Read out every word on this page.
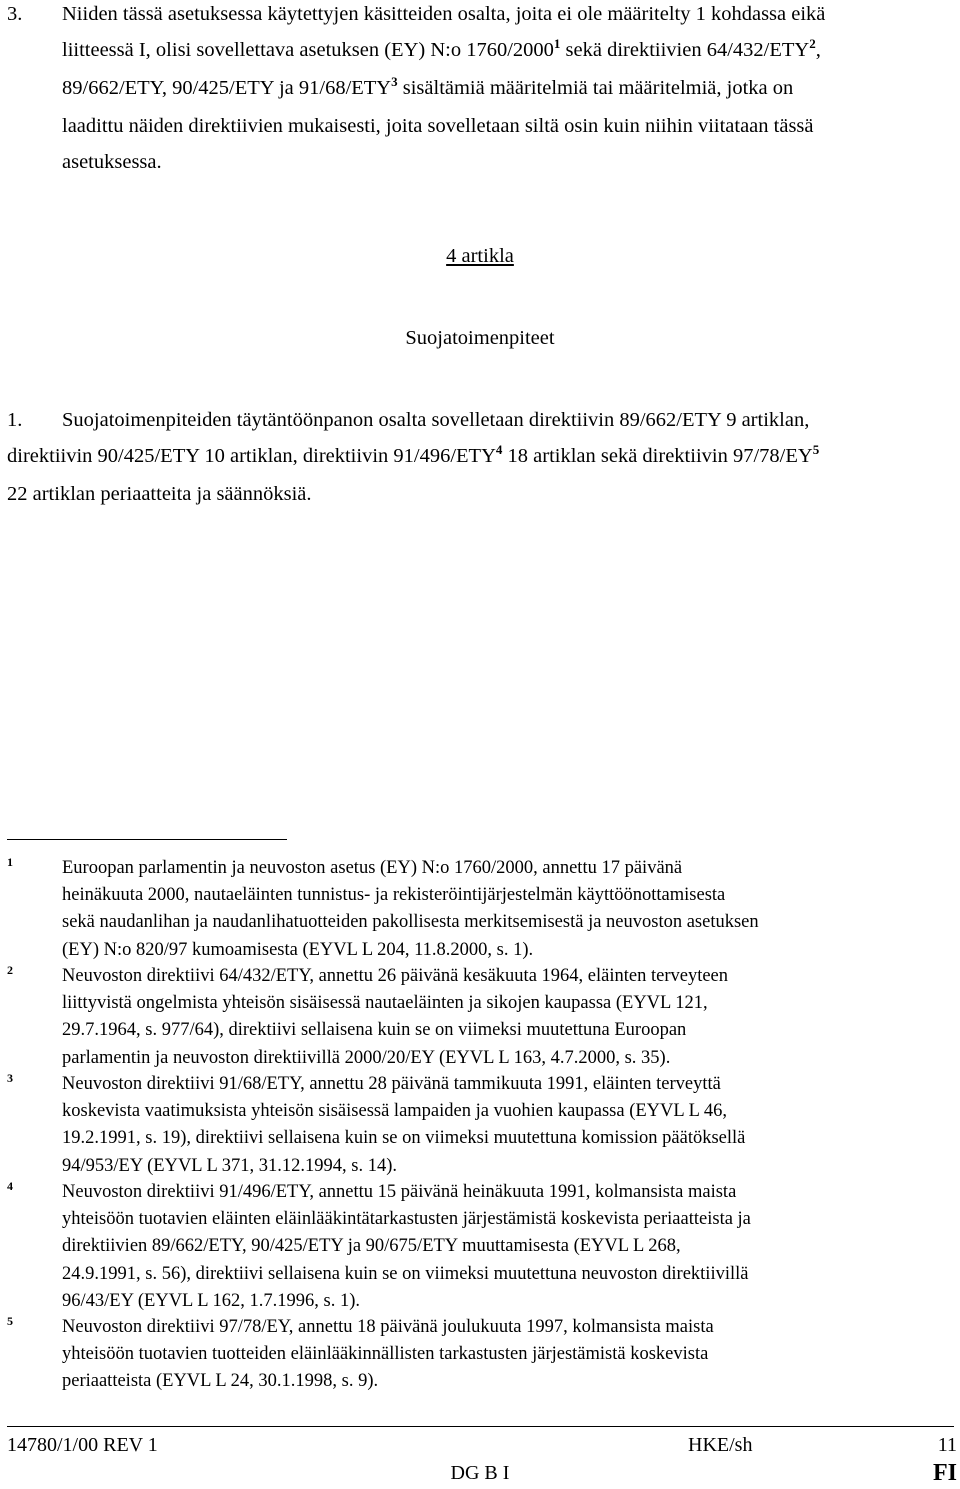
3. Niiden tässä asetuksessa käytettyjen käsitteiden osalta, joita ei ole määritelty 1 kohdassa eikä
liitteessä I, olisi sovellettava asetuksen (EY) N:o 1760/2000$^1$ sekä direktiivien 64/432/ETY$^2$,
89/662/ETY, 90/425/ETY ja 91/68/ETY$^3$ sisältämiä määritelmiä tai määritelmiä, jotka on
laadittu näiden direktiivien mukaisesti, joita sovelletaan siltä osin kuin niihin viitataan tässä
asetuksessa.
4 artikla
Suojatoimenpiteet
1. Suojatoimenpiteiden täytäntöönpanon osalta sovelletaan direktiivin 89/662/ETY 9 artiklan,
direktiivin 90/425/ETY 10 artiklan, direktiivin 91/496/ETY$^4$ 18 artiklan sekä direktiivin $97/78/EY^5$
22 artiklan periaatteita ja säännöksiä.
1	Euroopan parlamentin ja neuvoston asetus (EY) N:o 1760/2000, annettu 17 päivänä
heinäkuuta 2000, nautaeläinten tunnistus- ja rekisteröintijärjestelmän käyttöönottamisesta
sekä naudanlihan ja naudanlihatuotteiden pakollisesta merkitsemisestä ja neuvoston asetuksen
(EY) N:o 820/97 kumoamisesta (EYVL L 204, 11.8.2000, s. 1).
2	Neuvoston direktiivi 64/432/ETY, annettu 26 päivänä kesäkuuta 1964, eläinten terveyteen
liittyvistä ongelmista yhteisön sisäisessä nautaeläinten ja sikojen kaupassa (EYVL 121,
29.7.1964, s. 977/64), direktiivi sellaisena kuin se on viimeksi muutettuna Euroopan
parlamentin ja neuvoston direktiivillä 2000/20/EY (EYVL L 163, 4.7.2000, s. 35).
3	Neuvoston direktiivi 91/68/ETY, annettu 28 päivänä tammikuuta 1991, eläinten terveyttä
koskevista vaatimuksista yhteisön sisäisessä lampaiden ja vuohien kaupassa (EYVL L 46,
19.2.1991, s. 19), direktiivi sellaisena kuin se on viimeksi muutettuna komission päätöksellä
94/953/EY (EYVL L 371, 31.12.1994, s. 14).
4	Neuvoston direktiivi 91/496/ETY, annettu 15 päivänä heinäkuuta 1991, kolmansista maista
yhteisöön tuotavien eläinten eläinlääkintätarkastusten järjestämistä koskevista periaatteista ja
direktiivien 89/662/ETY, 90/425/ETY ja 90/675/ETY muuttamisesta (EYVL L 268,
24.9.1991, s. 56), direktiivi sellaisena kuin se on viimeksi muutettuna neuvoston direktiivillä
96/43/EY (EYVL L 162, 1.7.1996, s. 1).
5	Neuvoston direktiivi 97/78/EY, annettu 18 päivänä joulukuuta 1997, kolmansista maista
yhteisöön tuotavien tuotteiden eläinlääkinnällisten tarkastusten järjestämistä koskevista
periaatteista (EYVL L 24, 30.1.1998, s. 9).
14780/1/00 REV 1	HKE/sh	11
DG B I	FI
